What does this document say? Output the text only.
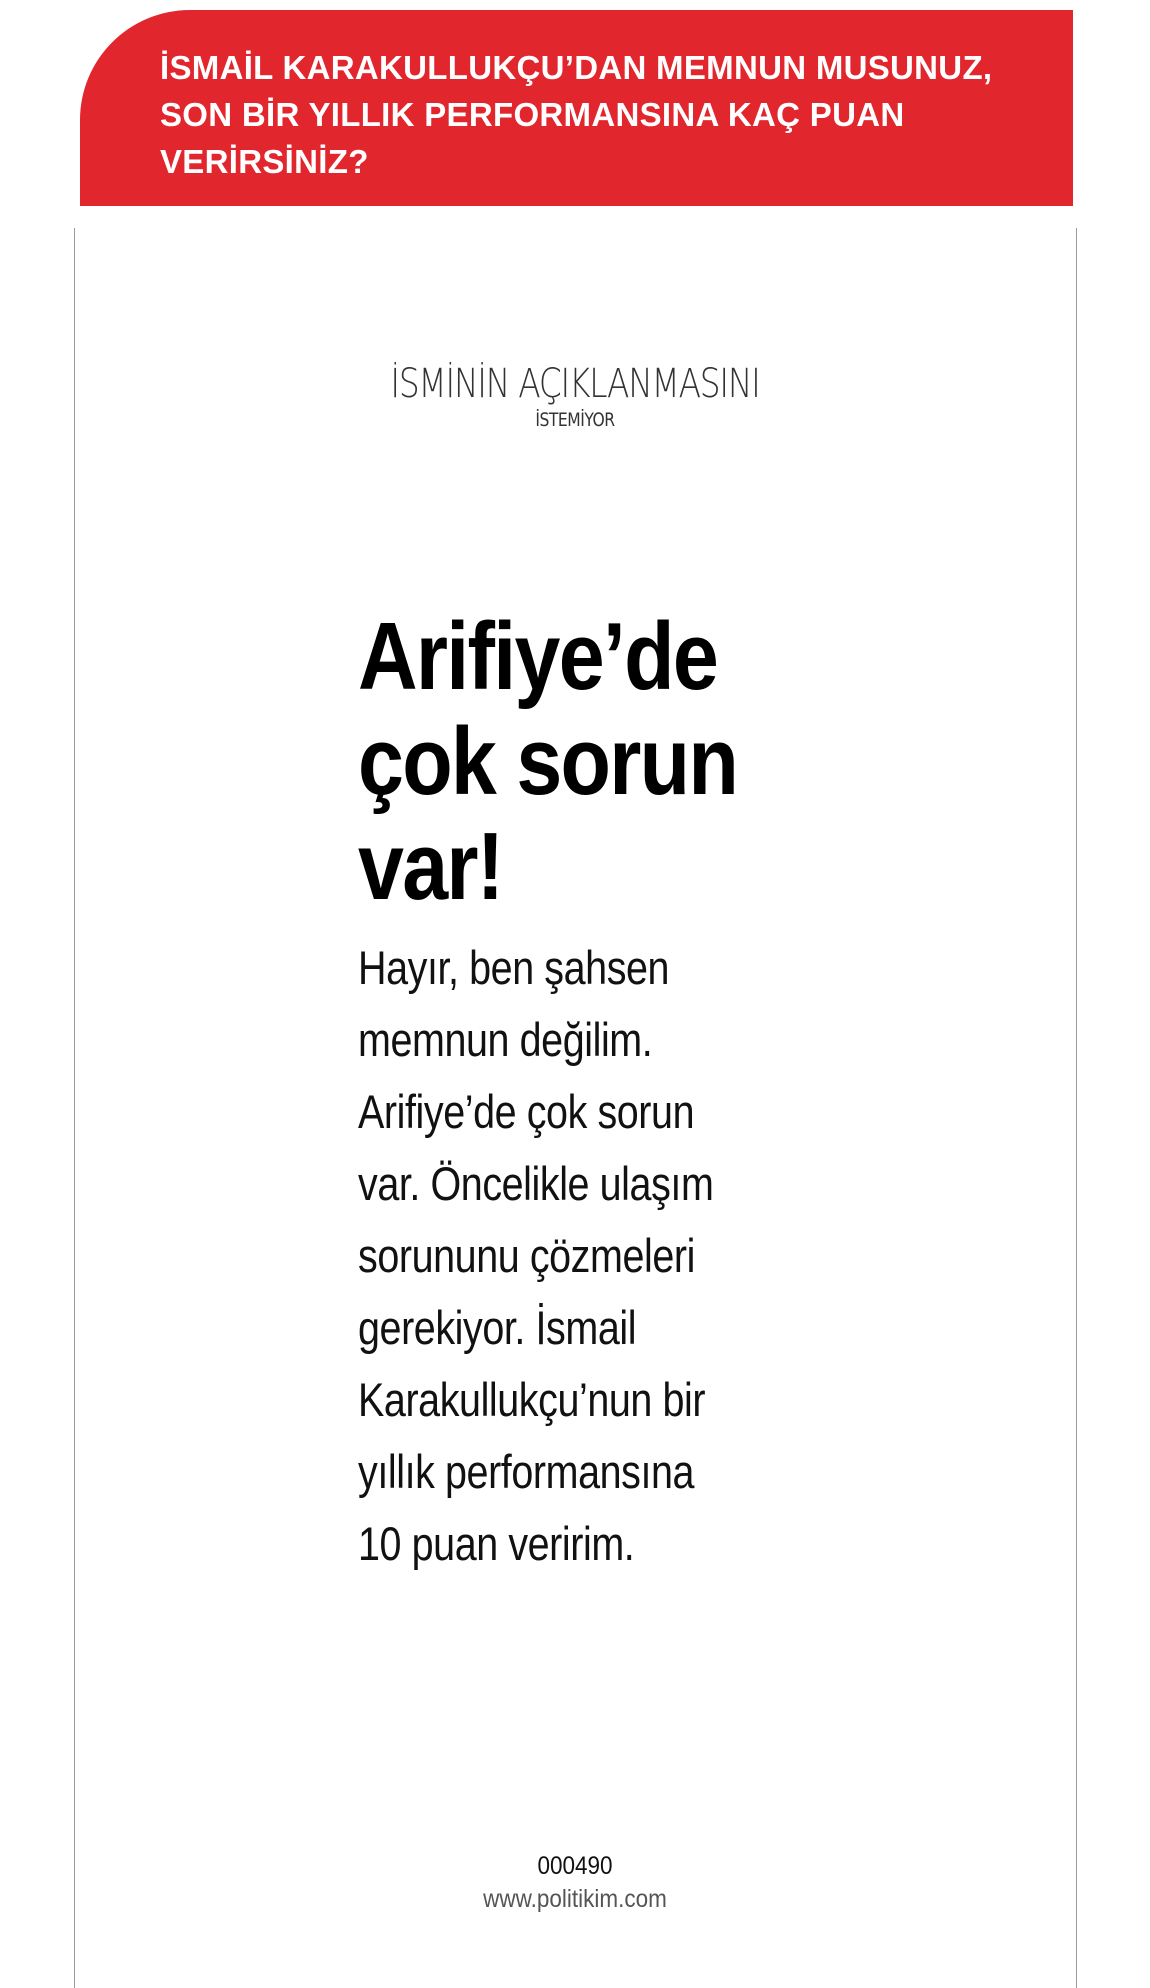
İSMAİL KARAKULLUKÇU’DAN MEMNUN MUSUNUZ, SON BİR YILLIK PERFORMANSINA KAÇ PUAN VERİRSİNİZ?

İSMİNİN AÇIKLANMASINI
İSTEMİYOR
Arifiye’de çok sorun var!

Hayır, ben şahsen
memnun değilim.
Arifiye’de çok sorun
var. Öncelikle ulaşım
sorununu çözmeleri
gerekiyor. İsmail
Karakullukçu’nun bir
yıllık performansına
10 puan veririm.

000490
www.politikim.com
